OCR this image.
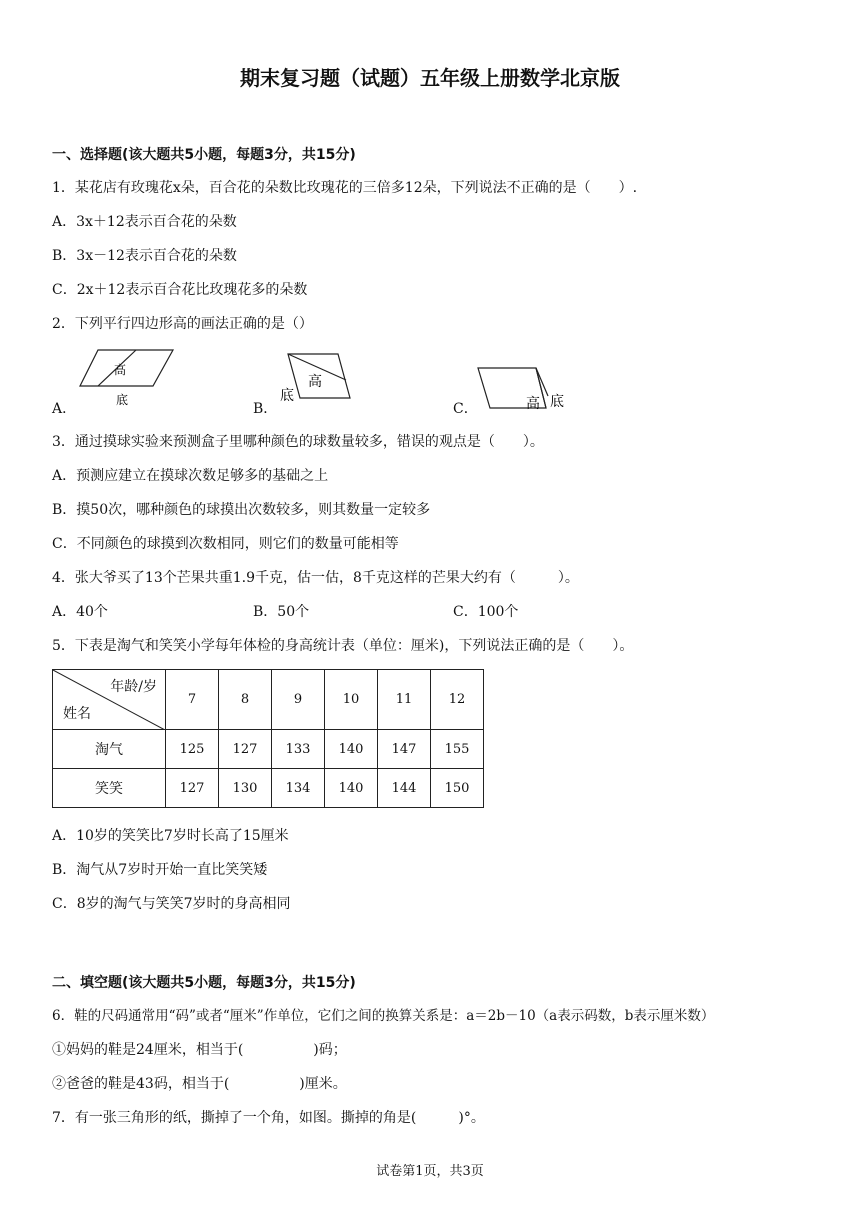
期末复习题（试题）五年级上册数学北京版
一、选择题(该大题共5小题，每题3分，共15分)
1．某花店有玫瑰花x朵，百合花的朵数比玫瑰花的三倍多12朵，下列说法不正确的是（　　）.
A．3x＋12表示百合花的朵数
B．3x－12表示百合花的朵数
C．2x＋12表示百合花比玫瑰花多的朵数
2．下列平行四边形高的画法正确的是（）
A．
高
底
B．
高
底
C．	高 底
3．通过摸球实验来预测盒子里哪种颜色的球数量较多，错误的观点是（　　）。
A．预测应建立在摸球次数足够多的基础之上
B．摸50次，哪种颜色的球摸出次数较多，则其数量一定较多
C．不同颜色的球摸到次数相同，则它们的数量可能相等
4．张大爷买了13个芒果共重1.9千克，估一估，8千克这样的芒果大约有（　　　）。
A．40个	B．50个	C．100个
5．下表是淘气和笑笑小学每年体检的身高统计表（单位：厘米)，下列说法正确的是（　　）。
年龄/岁
姓名	7	8	9	10	11	12
淘气	125	127	133	140	147	155
笑笑	127	130	134	140	144	150
A．10岁的笑笑比7岁时长高了15厘米
B．淘气从7岁时开始一直比笑笑矮
C．8岁的淘气与笑笑7岁时的身高相同
二、填空题(该大题共5小题，每题3分，共15分)
6．鞋的尺码通常用“码”或者“厘米”作单位，它们之间的换算关系是：a＝2b－10（a表示码数，b表示厘米数）
①妈妈的鞋是24厘米，相当于(　　　　　)码；
②爸爸的鞋是43码，相当于(　　　　　)厘米。
7．有一张三角形的纸，撕掉了一个角，如图。撕掉的角是(　　　)°。
试卷第1页，共3页
